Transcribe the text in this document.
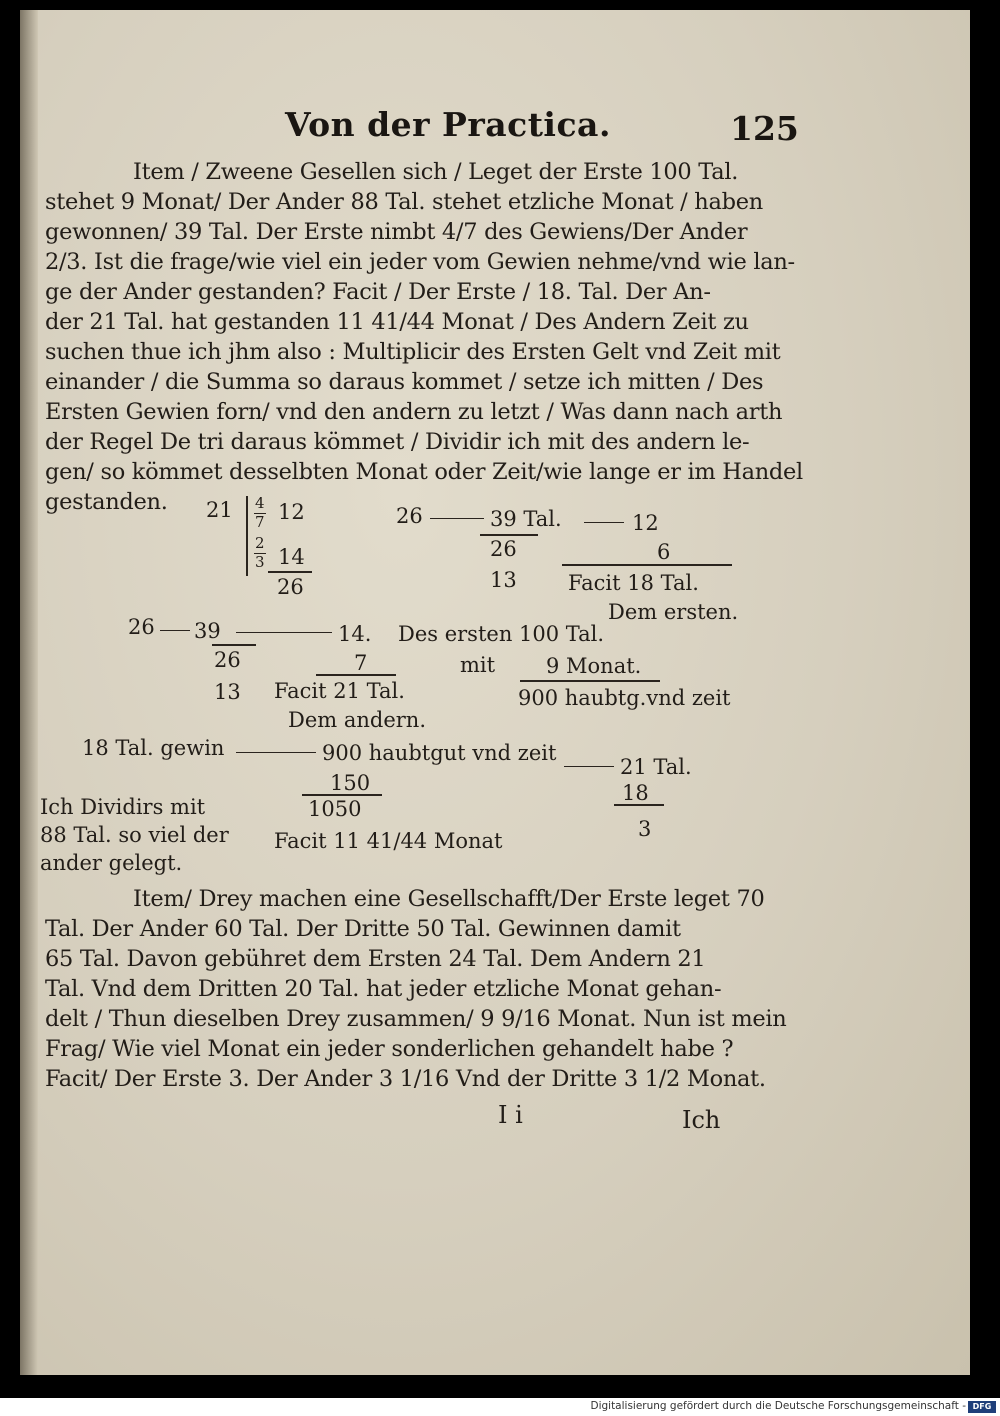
Von der Practica.	125
Item / Zweene Gesellen sich / Leget der Erste 100 Tal.
stehet 9 Monat/ Der Ander 88 Tal. stehet etzliche Monat / haben
gewonnen/ 39 Tal. Der Erste nimbt 4/7 des Gewiens/Der Ander
2/3. Ist die frage/wie viel ein jeder vom Gewien nehme/vnd wie lan-
ge der Ander gestanden? Facit / Der Erste / 18. Tal. Der An-
der 21 Tal. hat gestanden 11 41/44 Monat / Des Andern Zeit zu
suchen thue ich jhm also : Multiplicir des Ersten Gelt vnd Zeit mit
einander / die Summa so daraus kommet / setze ich mitten / Des
Ersten Gewien forn/ vnd den andern zu letzt / Was dann nach arth
der Regel De tri daraus kömmet / Dividir ich mit des andern le-
gen/ so kömmet desselbten Monat oder Zeit/wie lange er im Handel
gestanden.	21 4
7 12
2
3 14
26
26	39 Tal.	12
26	6
13 Facit 18 Tal.
Dem ersten.
26 39	14. Des ersten 100 Tal.
26	7	mit 9 Monat.
13 Facit 21 Tal.	900 haubtg.vnd zeit
Dem andern.
18 Tal. gewin	900 haubtgut vnd zeit
21 Tal.
150
1050
18
3
Ich Dividirs mit
88 Tal. so viel der
ander gelegt.
Facit 11 41/44 Monat
Item/ Drey machen eine Gesellschafft/Der Erste leget 70
Tal. Der Ander 60 Tal. Der Dritte 50 Tal. Gewinnen damit
65 Tal. Davon gebühret dem Ersten 24 Tal. Dem Andern 21
Tal. Vnd dem Dritten 20 Tal. hat jeder etzliche Monat gehan-
delt / Thun dieselben Drey zusammen/ 9 9/16 Monat. Nun ist mein
Frag/ Wie viel Monat ein jeder sonderlichen gehandelt habe ?
Facit/ Der Erste 3. Der Ander 3 1/16 Vnd der Dritte 3 1/2 Monat.
I i	Ich
Digitalisierung gefördert durch die Deutsche Forschungsgemeinschaft - DFG
